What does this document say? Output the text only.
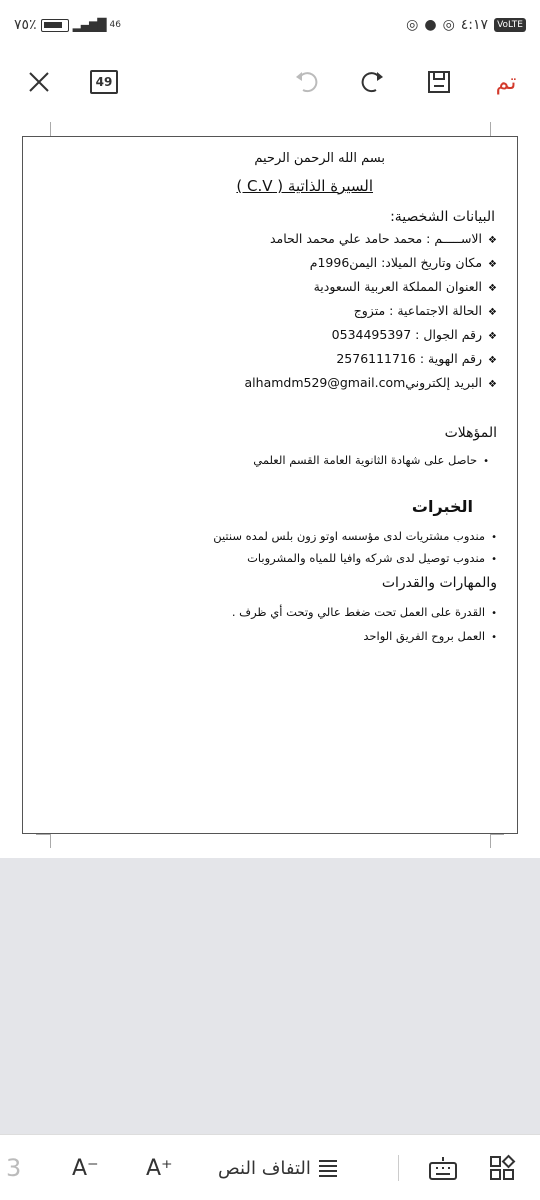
٧٥٪	▂▄▆█ 46	◎ ● ◎ ٤:١٧	VoLTE
49	تم
بسم الله الرحمن الرحيم
السيرة الذاتية ( C.V )
البيانات الشخصية:
❖الاســـــم : محمد حامد علي محمد الحامد
❖مكان وتاريخ الميلاد: اليمن1996م
❖العنوان المملكة العربية السعودية
❖الحالة الاجتماعية : متزوج
❖رقم الجوال : 0534495397
❖رقم الهوية : 2576111716
❖البريد إلكترونيalhamdm529@gmail.com
المؤهلات
•حاصل على شهادة الثانوية العامة القسم العلمي
الخبرات
•مندوب مشتريات لدى مؤسسه اوتو زون بلس لمده سنتين
•مندوب توصيل لدى شركه وافيا للمياه والمشروبات
والمهارات والقدرات
•القدرة على العمل تحت ضغط عالي وتحت أي ظرف .
•العمل بروح الفريق الواحد
3 A⁻ A⁺	التفاف النص
